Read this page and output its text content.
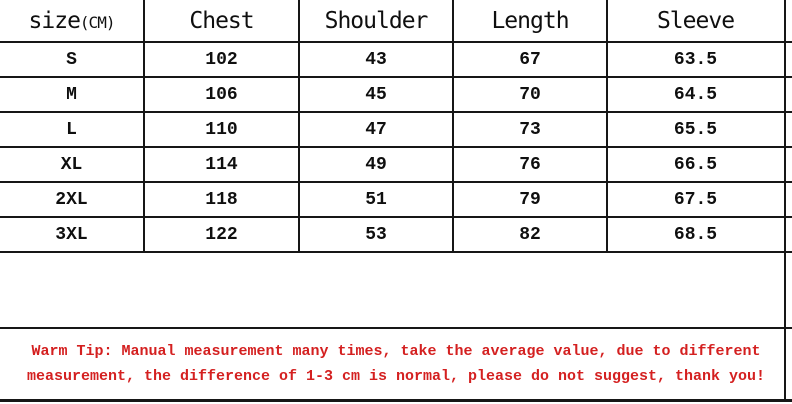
size(CM)	Chest	Shoulder	Length	Sleeve
S	102	43	67	63.5
M	106	45	70	64.5
L	110	47	73	65.5
XL	114	49	76	66.5
2XL	118	51	79	67.5
3XL	122	53	82	68.5
Warm Tip: Manual measurement many times, take the average value, due to different
measurement, the difference of 1-3 cm is normal, please do not suggest, thank you!
